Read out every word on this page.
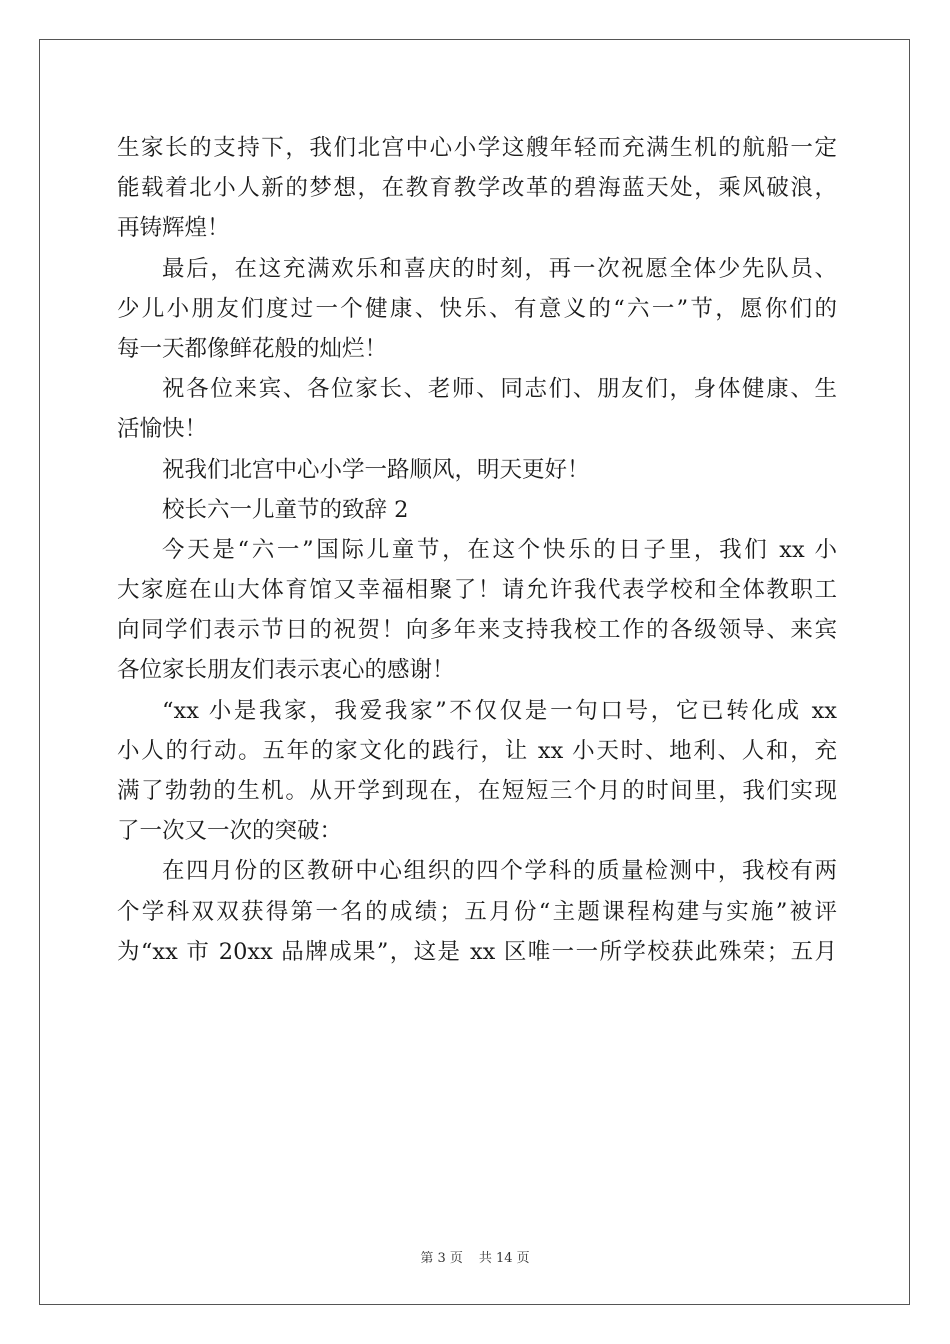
生家长的支持下，我们北宫中心小学这艘年轻而充满生机的航船一定
能载着北小人新的梦想，在教育教学改革的碧海蓝天处，乘风破浪，
再铸辉煌！
最后，在这充满欢乐和喜庆的时刻，再一次祝愿全体少先队员、
少儿小朋友们度过一个健康、快乐、有意义的“六一”节，愿你们的
每一天都像鲜花般的灿烂！
祝各位来宾、各位家长、老师、同志们、朋友们，身体健康、生
活愉快！
祝我们北宫中心小学一路顺风，明天更好！
校长六一儿童节的致辞 2
今天是“六一”国际儿童节，在这个快乐的日子里，我们 xx 小
大家庭在山大体育馆又幸福相聚了！请允许我代表学校和全体教职工
向同学们表示节日的祝贺！向多年来支持我校工作的各级领导、来宾
各位家长朋友们表示衷心的感谢！
“xx 小是我家，我爱我家”不仅仅是一句口号，它已转化成 xx
小人的行动。五年的家文化的践行，让 xx 小天时、地利、人和，充
满了勃勃的生机。从开学到现在，在短短三个月的时间里，我们实现
了一次又一次的突破：
在四月份的区教研中心组织的四个学科的质量检测中，我校有两
个学科双双获得第一名的成绩；五月份“主题课程构建与实施”被评
为“xx 市 20xx 品牌成果”，这是 xx 区唯一一所学校获此殊荣；五月
第 3 页 共 14 页
